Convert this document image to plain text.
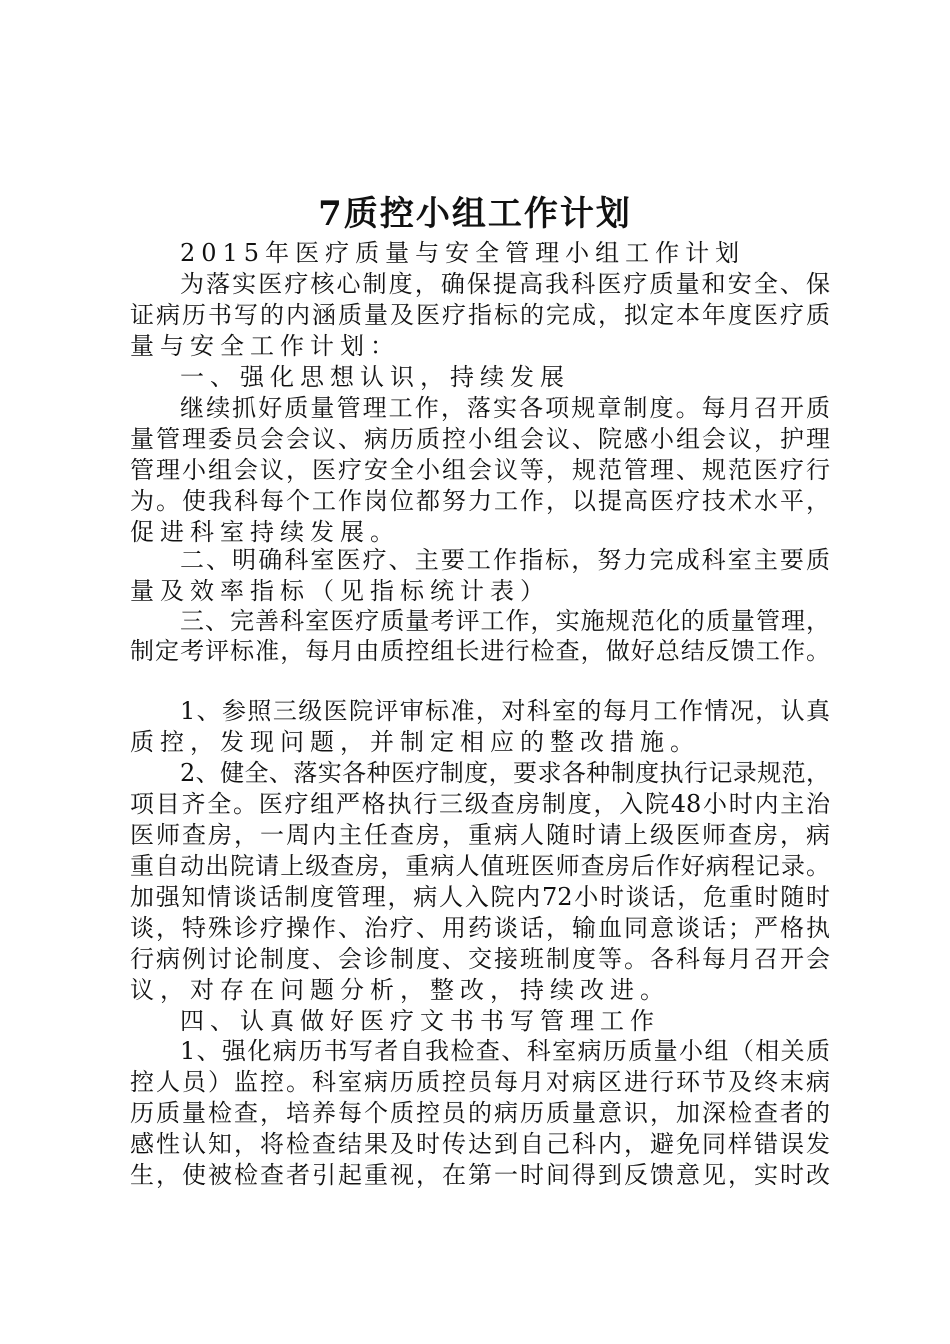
7质控小组工作计划
2015年医疗质量与安全管理小组工作计划
为落实医疗核心制度，确保提高我科医疗质量和安全、保
证病历书写的内涵质量及医疗指标的完成，拟定本年度医疗质
量与安全工作计划：
一、强化思想认识，持续发展
继续抓好质量管理工作，落实各项规章制度。每月召开质
量管理委员会会议、病历质控小组会议、院感小组会议，护理
管理小组会议，医疗安全小组会议等，规范管理、规范医疗行
为。使我科每个工作岗位都努力工作，以提高医疗技术水平，
促进科室持续发展。
二、明确科室医疗、主要工作指标，努力完成科室主要质
量及效率指标（见指标统计表）
三、完善科室医疗质量考评工作，实施规范化的质量管理，
制定考评标准，每月由质控组长进行检查，做好总结反馈工作。
1、参照三级医院评审标准，对科室的每月工作情况，认真
质控，发现问题，并制定相应的整改措施。
2、健全、落实各种医疗制度，要求各种制度执行记录规范，
项目齐全。医疗组严格执行三级查房制度，入院48小时内主治
医师查房，一周内主任查房，重病人随时请上级医师查房，病
重自动出院请上级查房，重病人值班医师查房后作好病程记录。
加强知情谈话制度管理，病人入院内72小时谈话，危重时随时
谈，特殊诊疗操作、治疗、用药谈话，输血同意谈话；严格执
行病例讨论制度、会诊制度、交接班制度等。各科每月召开会
议，对存在问题分析，整改，持续改进。
四、认真做好医疗文书书写管理工作
1、强化病历书写者自我检查、科室病历质量小组（相关质
控人员）监控。科室病历质控员每月对病区进行环节及终末病
历质量检查，培养每个质控员的病历质量意识，加深检查者的
感性认知，将检查结果及时传达到自己科内，避免同样错误发
生，使被检查者引起重视，在第一时间得到反馈意见，实时改
